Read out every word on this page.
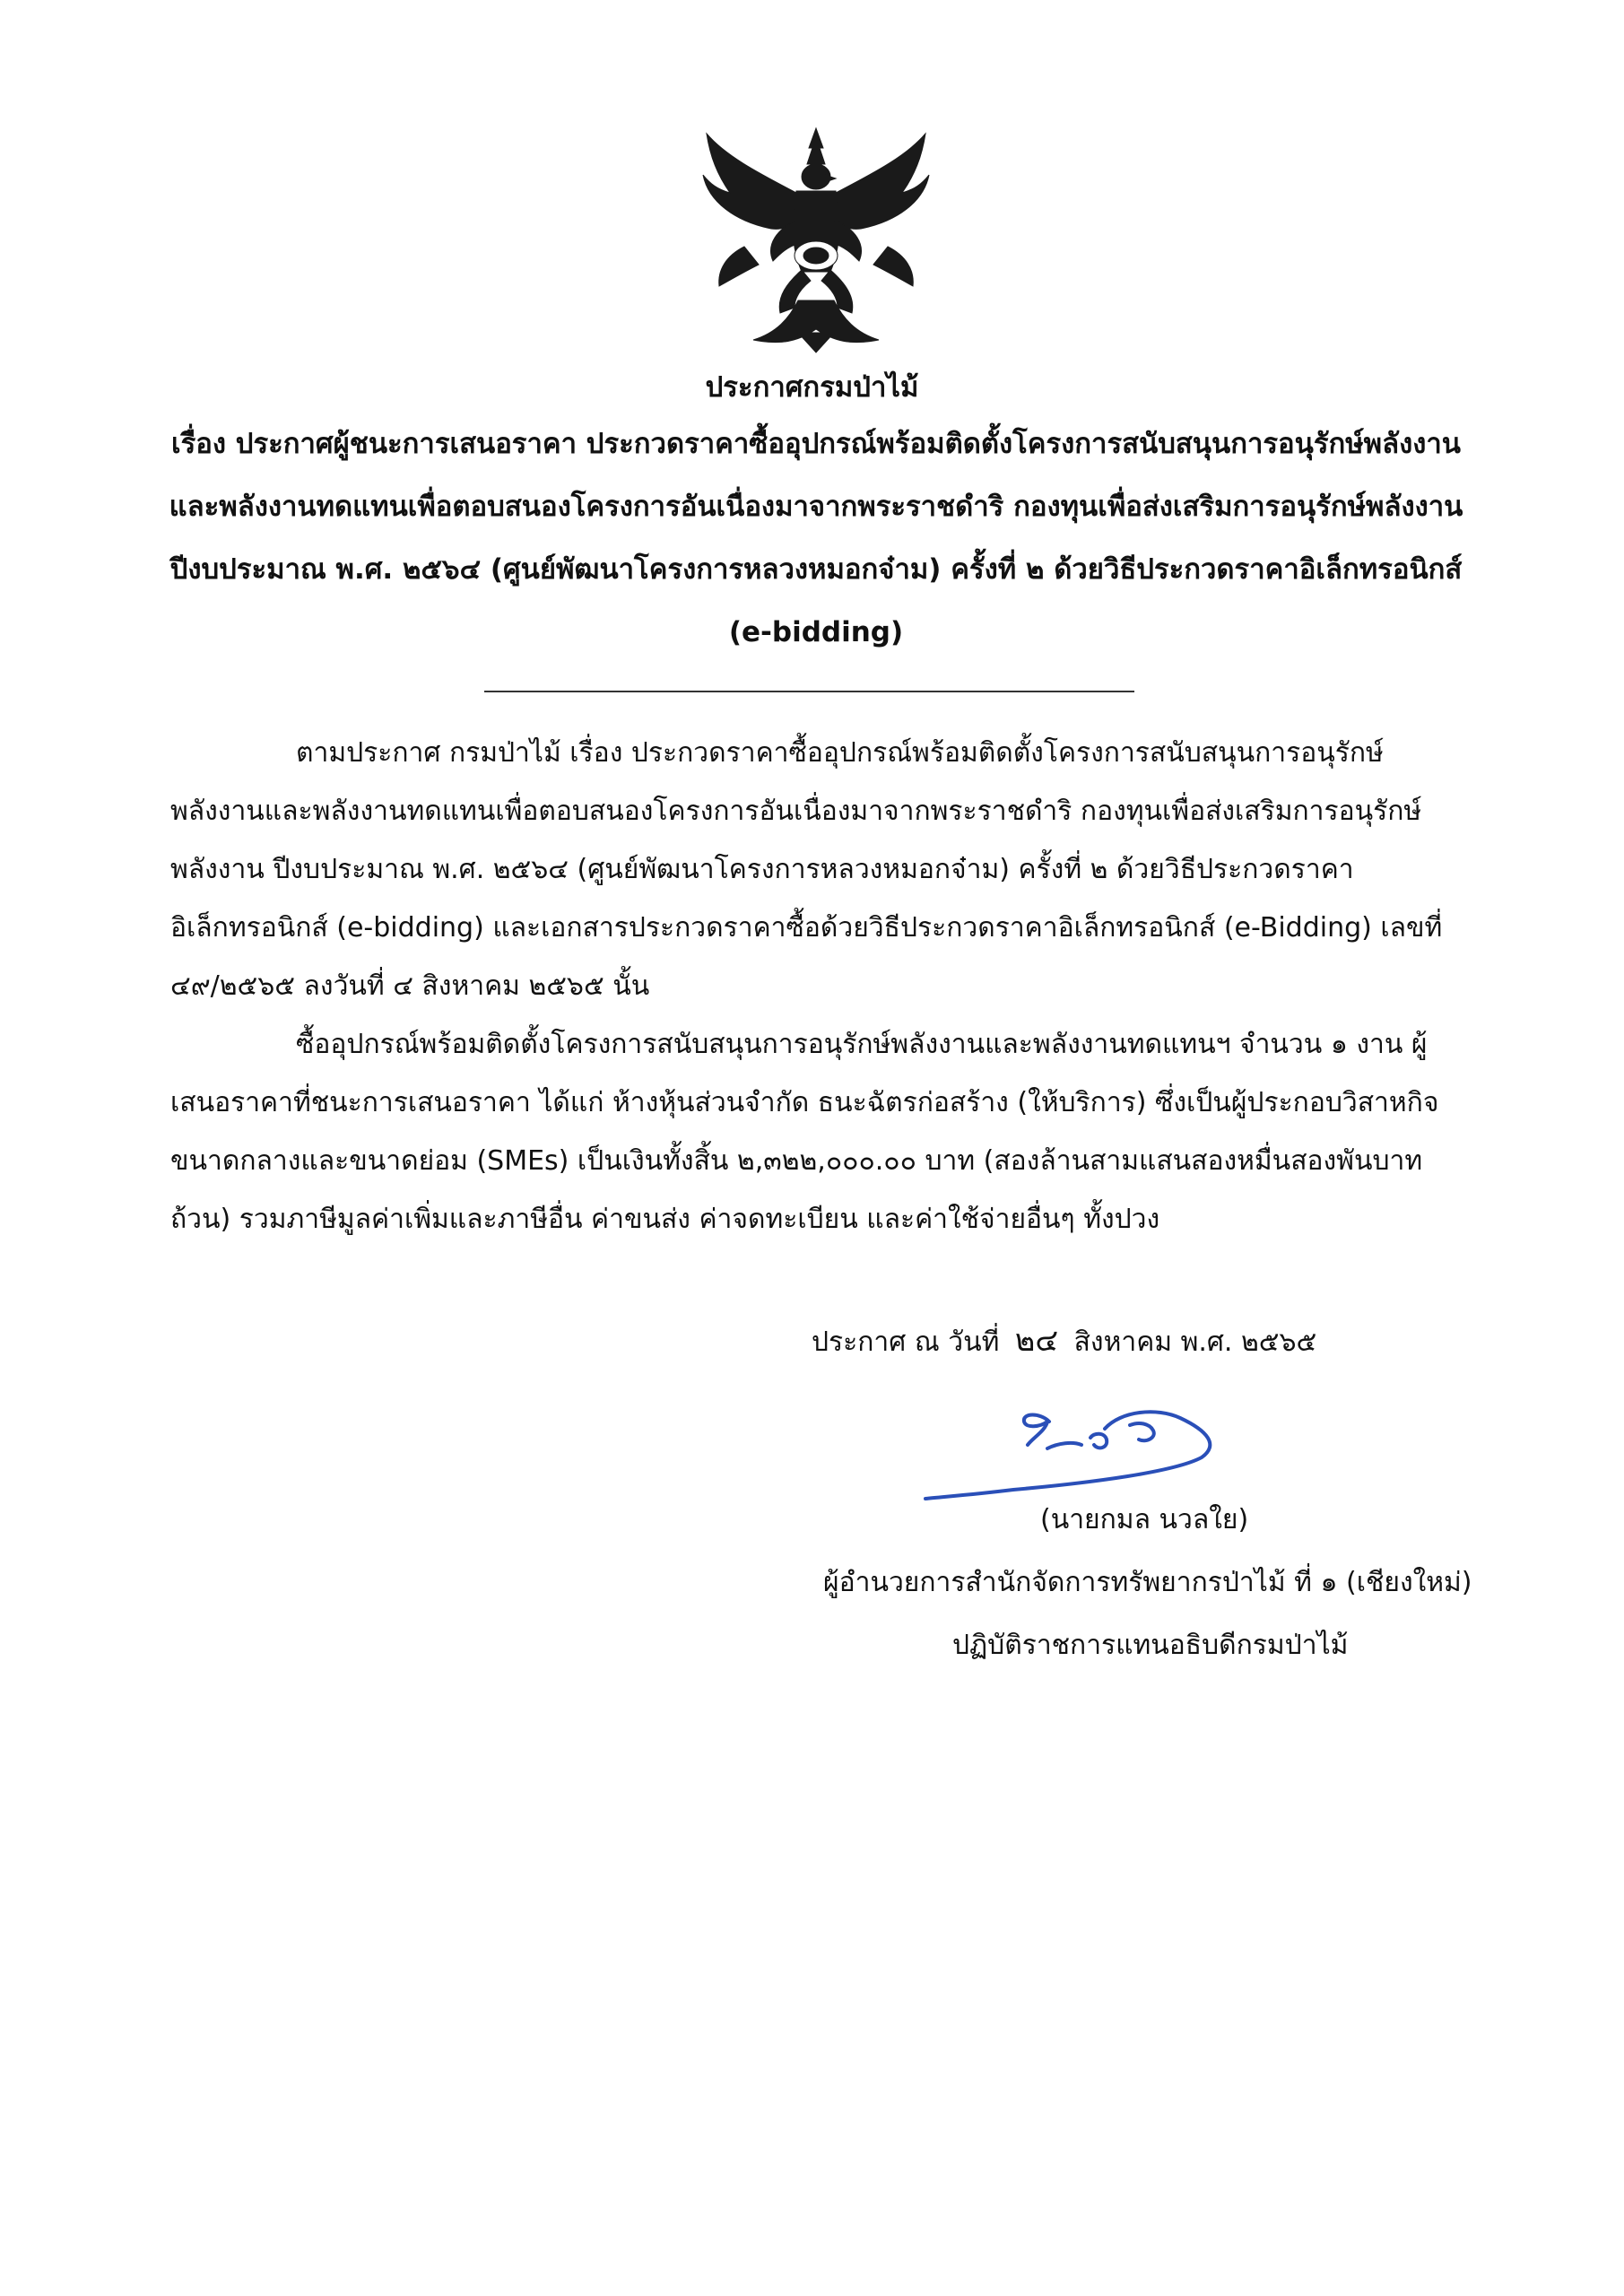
ประกาศกรมป่าไม้
เรื่อง ประกาศผู้ชนะการเสนอราคา ประกวดราคาซื้ออุปกรณ์พร้อมติดตั้งโครงการสนับสนุนการอนุรักษ์พลังงาน
และพลังงานทดแทนเพื่อตอบสนองโครงการอันเนื่องมาจากพระราชดำริ กองทุนเพื่อส่งเสริมการอนุรักษ์พลังงาน
ปีงบประมาณ พ.ศ. ๒๕๖๔ (ศูนย์พัฒนาโครงการหลวงหมอกจ๋าม) ครั้งที่ ๒ ด้วยวิธีประกวดราคาอิเล็กทรอนิกส์
(e-bidding)
ตามประกาศ กรมป่าไม้ เรื่อง ประกวดราคาซื้ออุปกรณ์พร้อมติดตั้งโครงการสนับสนุนการอนุรักษ์
พลังงานและพลังงานทดแทนเพื่อตอบสนองโครงการอันเนื่องมาจากพระราชดำริ กองทุนเพื่อส่งเสริมการอนุรักษ์
พลังงาน ปีงบประมาณ พ.ศ. ๒๕๖๔ (ศูนย์พัฒนาโครงการหลวงหมอกจ๋าม) ครั้งที่ ๒ ด้วยวิธีประกวดราคา
อิเล็กทรอนิกส์ (e-bidding) และเอกสารประกวดราคาซื้อด้วยวิธีประกวดราคาอิเล็กทรอนิกส์ (e-Bidding) เลขที่
๔๙/๒๕๖๕ ลงวันที่ ๔ สิงหาคม ๒๕๖๕ นั้น
ซื้ออุปกรณ์พร้อมติดตั้งโครงการสนับสนุนการอนุรักษ์พลังงานและพลังงานทดแทนฯ จำนวน ๑ งาน ผู้
เสนอราคาที่ชนะการเสนอราคา ได้แก่ ห้างหุ้นส่วนจำกัด ธนะฉัตรก่อสร้าง (ให้บริการ) ซึ่งเป็นผู้ประกอบวิสาหกิจ
ขนาดกลางและขนาดย่อม (SMEs) เป็นเงินทั้งสิ้น ๒,๓๒๒,๐๐๐.๐๐ บาท (สองล้านสามแสนสองหมื่นสองพันบาท
ถ้วน) รวมภาษีมูลค่าเพิ่มและภาษีอื่น ค่าขนส่ง ค่าจดทะเบียน และค่าใช้จ่ายอื่นๆ ทั้งปวง
ประกาศ ณ วันที่ ๒๔ สิงหาคม พ.ศ. ๒๕๖๕
(นายกมล นวลใย)
ผู้อำนวยการสำนักจัดการทรัพยากรป่าไม้ ที่ ๑ (เชียงใหม่)
ปฏิบัติราชการแทนอธิบดีกรมป่าไม้
